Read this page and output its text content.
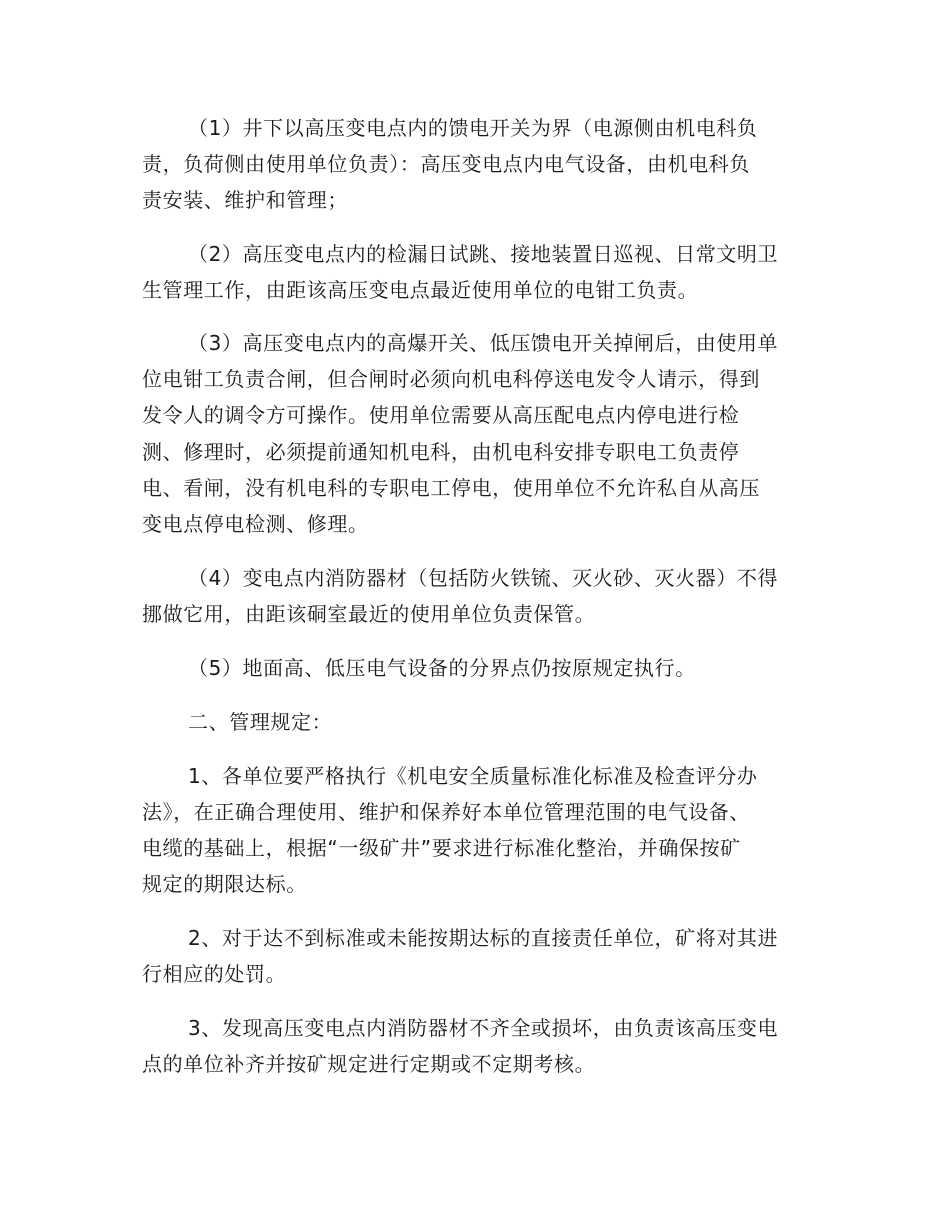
（1）井下以高压变电点内的馈电开关为界（电源侧由机电科负
责，负荷侧由使用单位负责）：高压变电点内电气设备，由机电科负
责安装、维护和管理；
（2）高压变电点内的检漏日试跳、接地装置日巡视、日常文明卫
生管理工作，由距该高压变电点最近使用单位的电钳工负责。
（3）高压变电点内的高爆开关、低压馈电开关掉闸后，由使用单
位电钳工负责合闸，但合闸时必须向机电科停送电发令人请示，得到
发令人的调令方可操作。使用单位需要从高压配电点内停电进行检
测、修理时，必须提前通知机电科，由机电科安排专职电工负责停
电、看闸，没有机电科的专职电工停电，使用单位不允许私自从高压
变电点停电检测、修理。
（4）变电点内消防器材（包括防火铁锍、灭火砂、灭火器）不得
挪做它用，由距该硐室最近的使用单位负责保管。
（5）地面高、低压电气设备的分界点仍按原规定执行。
二、管理规定：
1、各单位要严格执行《机电安全质量标准化标准及检查评分办
法》，在正确合理使用、维护和保养好本单位管理范围的电气设备、
电缆的基础上，根据“一级矿井”要求进行标准化整治，并确保按矿
规定的期限达标。
2、对于达不到标准或未能按期达标的直接责任单位，矿将对其进
行相应的处罚。
3、发现高压变电点内消防器材不齐全或损坏，由负责该高压变电
点的单位补齐并按矿规定进行定期或不定期考核。
